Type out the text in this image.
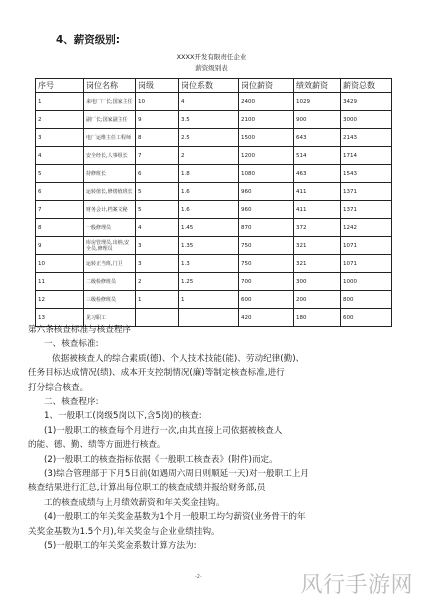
4、薪资级别:
XXXX开发有限责任企业
薪资级别表
序号	岗位名称	岗级	岗位系数	岗位薪资	绩效薪资	薪资总数
1	来电厂厂长;国家主任	10	4	2400	1029	3429
2	副厂长;国家副主任	9	3.5	2100	900	3000
3	电厂运维主任工程师	8	2.5	1500	643	2143
4	安全经长,人事组长	7	2	1200	514	1714
5	持修班长	6	1.8	1080	463	1543
6	运转值长,修缮值班长	5	1.6	960	411	1371
7	财务会计,档案文秘	5	1.6	960	411	1371
8	一般修理员	4	1.45	870	372	1242
9	库房管理员,出纳,安全员,修理员	3	1.35	750	321	1071
10	运转正当班,门卫	3	1.3	750	321	1071
11	二级检修班员	2	1.25	700	300	1000
12	三级检修班员	1	1	600	200	800
13	见习职工			420	180	600

第六条核查标准与核查程序

一、核查标准:

依据被核查人的综合素质(德)、个人技术技能(能)、劳动纪律(勤)、

任务目标达成情况(绩)、成本开支控制情况(廉)等制定核查标准,进行

打分综合核查。

二、核查程序:

1、一般职工(岗级5岗以下,含5岗)的核查:

(1)一般职工的核查每个月进行一次,由其直接上司依据被核查人

的能、德、勤、绩等方面进行核查。

(2)一般职工的核查指标依据《一般职工核查表》(附件)而定。

(3)综合管理部于下月5日前(如遇周六周日则顺延一天)对一般职工上月

核查结果进行汇总,计算出每位职工的核查成绩并报给财务部,员

工的核查成绩与上月绩效薪资和年关奖金挂钩。

(4)一般职工的年关奖金基数为1个月一般职工均匀薪资(业务骨干的年

关奖金基数为1.5个月),年关奖金与企业业绩挂钩。

(5)一般职工的年关奖金系数计算方法为:

-2-	风行手游网
